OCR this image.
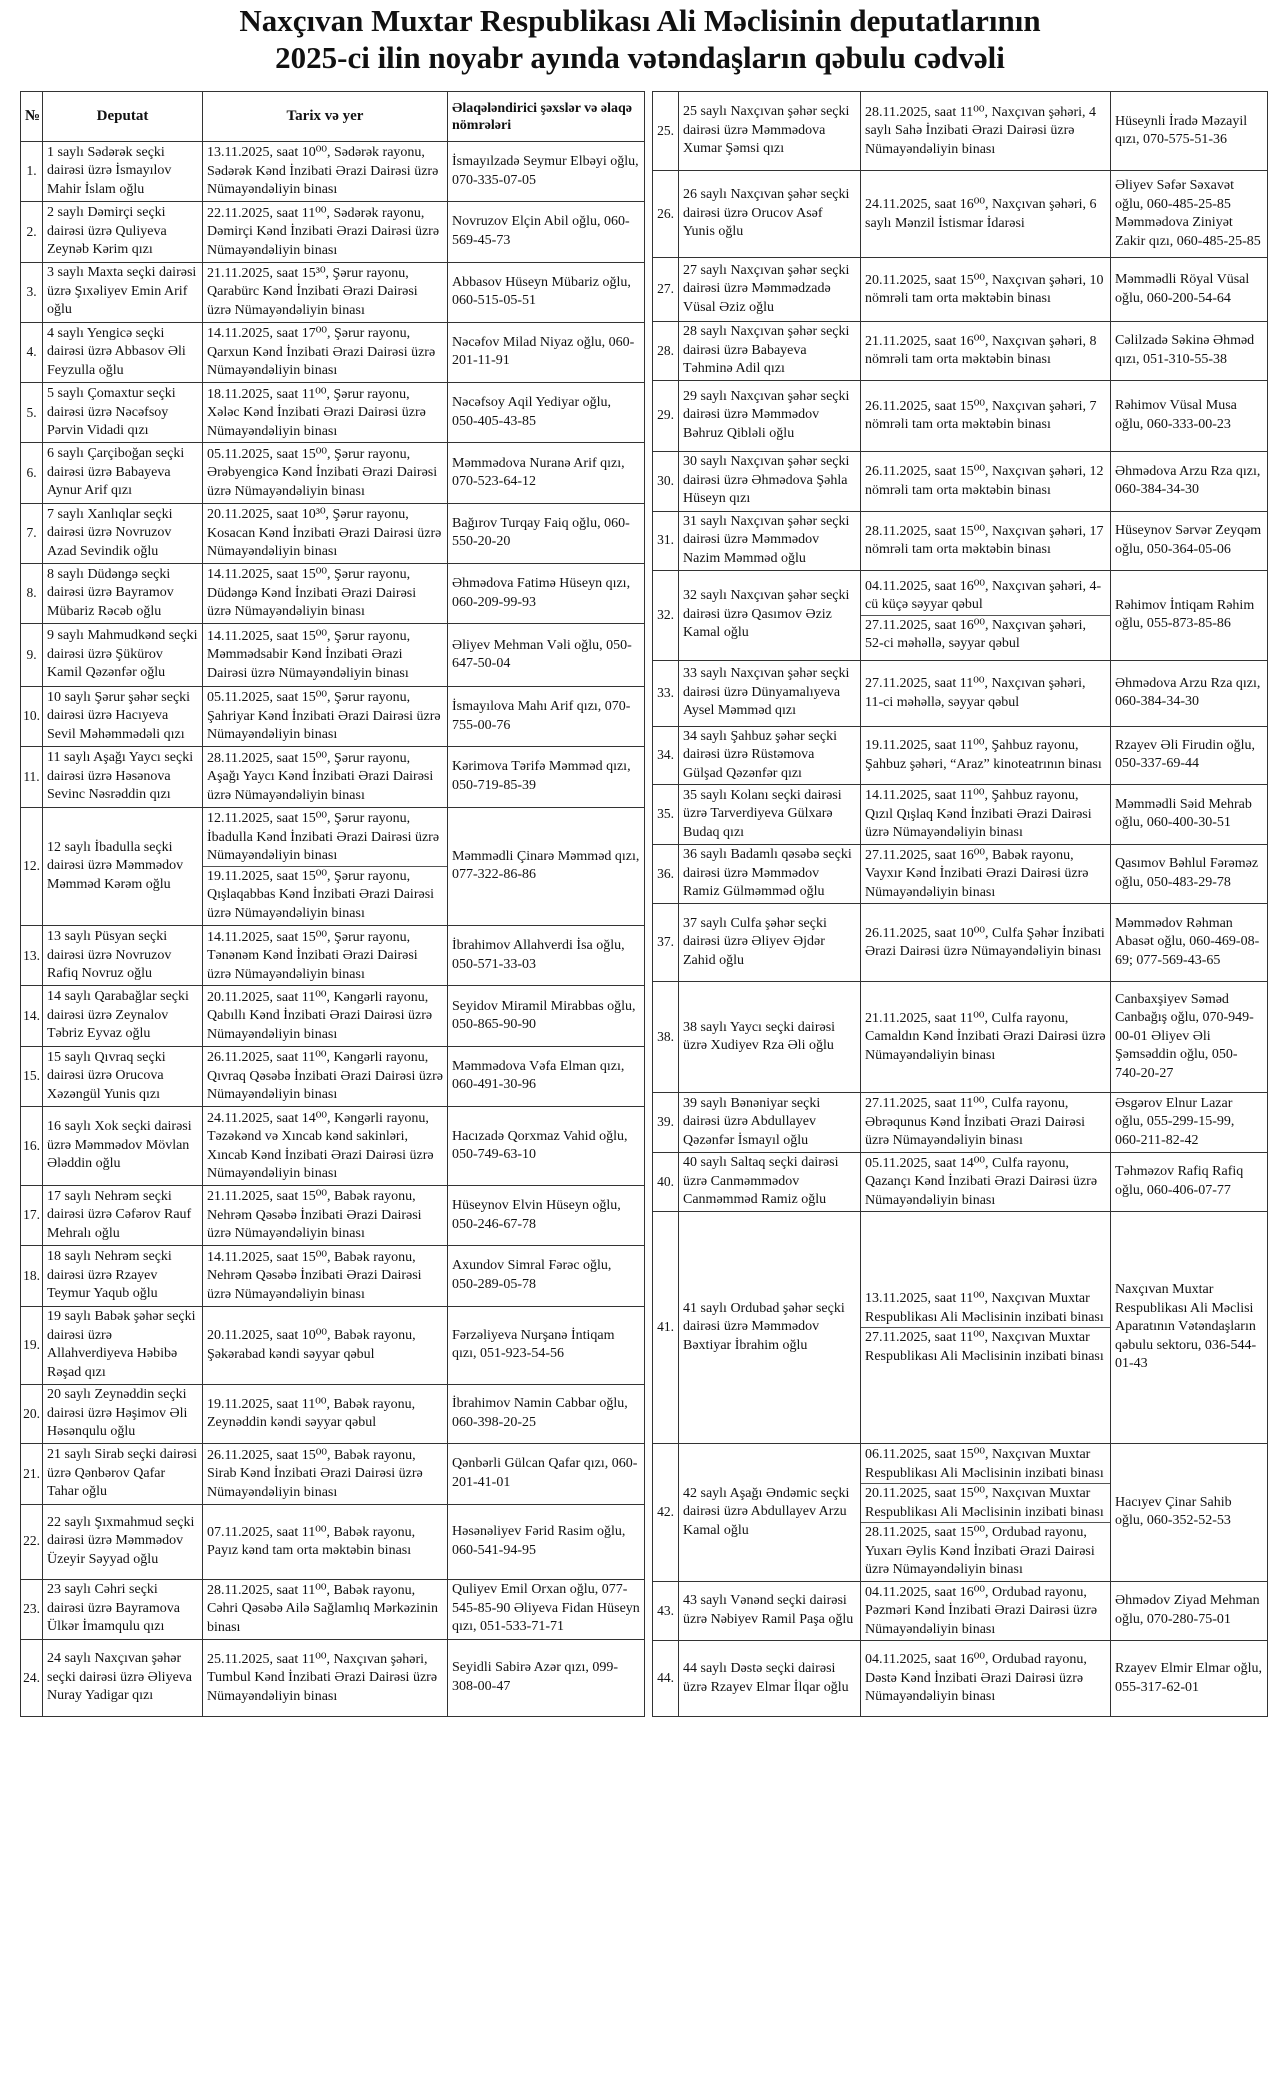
Naxçıvan Muxtar Respublikası Ali Məclisinin deputatlarının
2025-ci ilin noyabr ayında vətəndaşların qəbulu cədvəli
№	Deputat	Tarix və yer	Əlaqələndirici şəxslər və əlaqə nömrələri
1.	1 saylı Sədərək seçki dairəsi üzrə İsmayılov Mahir İslam oğlu	13.11.2025, saat 10⁰⁰, Sədərək rayonu, Sədərək Kənd İnzibati Ərazi Dairəsi üzrə Nümayəndəliyin binası	İsmayılzadə Seymur Elbəyi oğlu, 070-335-07-05
2.	2 saylı Dəmirçi seçki dairəsi üzrə Quliyeva Zeynəb Kərim qızı	22.11.2025, saat 11⁰⁰, Sədərək rayonu, Dəmirçi Kənd İnzibati Ərazi Dairəsi üzrə Nümayəndəliyin binası	Novruzov Elçin Abil oğlu, 060-569-45-73
3.	3 saylı Maxta seçki dairəsi üzrə Şıxəliyev Emin Arif oğlu	21.11.2025, saat 15³⁰, Şərur rayonu, Qarabürc Kənd İnzibati Ərazi Dairəsi üzrə Nümayəndəliyin binası	Abbasov Hüseyn Mübariz oğlu, 060-515-05-51
4.	4 saylı Yengicə seçki dairəsi üzrə Abbasov Əli Feyzulla oğlu	14.11.2025, saat 17⁰⁰, Şərur rayonu, Qarxun Kənd İnzibati Ərazi Dairəsi üzrə Nümayəndəliyin binası	Nəcəfov Milad Niyaz oğlu, 060-201-11-91
5.	5 saylı Çomaxtur seçki dairəsi üzrə Nəcəfsoy Pərvin Vidadi qızı	18.11.2025, saat 11⁰⁰, Şərur rayonu, Xələc Kənd İnzibati Ərazi Dairəsi üzrə Nümayəndəliyin binası	Nəcəfsoy Aqil Yediyar oğlu, 050-405-43-85
6.	6 saylı Çarçiboğan seçki dairəsi üzrə Babayeva Aynur Arif qızı	05.11.2025, saat 15⁰⁰, Şərur rayonu, Ərəbyengicə Kənd İnzibati Ərazi Dairəsi üzrə Nümayəndəliyin binası	Məmmədova Nuranə Arif qızı, 070-523-64-12
7.	7 saylı Xanlıqlar seçki dairəsi üzrə Novruzov Azad Sevindik oğlu	20.11.2025, saat 10³⁰, Şərur rayonu, Kosacan Kənd İnzibati Ərazi Dairəsi üzrə Nümayəndəliyin binası	Bağırov Turqay Faiq oğlu, 060-550-20-20
8.	8 saylı Düdəngə seçki dairəsi üzrə Bayramov Mübariz Rəcəb oğlu	14.11.2025, saat 15⁰⁰, Şərur rayonu, Düdəngə Kənd İnzibati Ərazi Dairəsi üzrə Nümayəndəliyin binası	Əhmədova Fatimə Hüseyn qızı, 060-209-99-93
9.	9 saylı Mahmudkənd seçki dairəsi üzrə Şükürov Kamil Qəzənfər oğlu	14.11.2025, saat 15⁰⁰, Şərur rayonu, Məmmədsabir Kənd İnzibati Ərazi Dairəsi üzrə Nümayəndəliyin binası	Əliyev Mehman Vəli oğlu, 050-647-50-04
10.	10 saylı Şərur şəhər seçki dairəsi üzrə Hacıyeva Sevil Məhəmmədəli qızı	05.11.2025, saat 15⁰⁰, Şərur rayonu, Şahriyar Kənd İnzibati Ərazi Dairəsi üzrə Nümayəndəliyin binası	İsmayılova Mahı Arif qızı, 070-755-00-76
11.	11 saylı Aşağı Yaycı seçki dairəsi üzrə Həsənova Sevinc Nəsrəddin qızı	28.11.2025, saat 15⁰⁰, Şərur rayonu, Aşağı Yaycı Kənd İnzibati Ərazi Dairəsi üzrə Nümayəndəliyin binası	Kərimova Tərifə Məmməd qızı, 050-719-85-39
12.	12 saylı İbadulla seçki dairəsi üzrə Məmmədov Məmməd Kərəm oğlu	12.11.2025, saat 15⁰⁰, Şərur rayonu, İbadulla Kənd İnzibati Ərazi Dairəsi üzrə Nümayəndəliyin binası
19.11.2025, saat 15⁰⁰, Şərur rayonu, Qışlaqabbas Kənd İnzibati Ərazi Dairəsi üzrə Nümayəndəliyin binası	Məmmədli Çinarə Məmməd qızı, 077-322-86-86
13.	13 saylı Püsyan seçki dairəsi üzrə Novruzov Rafiq Novruz oğlu	14.11.2025, saat 15⁰⁰, Şərur rayonu, Tənənəm Kənd İnzibati Ərazi Dairəsi üzrə Nümayəndəliyin binası	İbrahimov Allahverdi İsa oğlu, 050-571-33-03
14.	14 saylı Qarabağlar seçki dairəsi üzrə Zeynalov Təbriz Eyvaz oğlu	20.11.2025, saat 11⁰⁰, Kəngərli rayonu, Qabıllı Kənd İnzibati Ərazi Dairəsi üzrə Nümayəndəliyin binası	Seyidov Miramil Mirabbas oğlu, 050-865-90-90
15.	15 saylı Qıvraq seçki dairəsi üzrə Orucova Xəzəngül Yunis qızı	26.11.2025, saat 11⁰⁰, Kəngərli rayonu, Qıvraq Qəsəbə İnzibati Ərazi Dairəsi üzrə Nümayəndəliyin binası	Məmmədova Vəfa Elman qızı, 060-491-30-96
16.	16 saylı Xok seçki dairəsi üzrə Məmmədov Mövlan Ələddin oğlu	24.11.2025, saat 14⁰⁰, Kəngərli rayonu, Təzəkənd və Xıncab kənd sakinləri, Xıncab Kənd İnzibati Ərazi Dairəsi üzrə Nümayəndəliyin binası	Hacızadə Qorxmaz Vahid oğlu, 050-749-63-10
17.	17 saylı Nehrəm seçki dairəsi üzrə Cəfərov Rauf Mehralı oğlu	21.11.2025, saat 15⁰⁰, Babək rayonu, Nehrəm Qəsəbə İnzibati Ərazi Dairəsi üzrə Nümayəndəliyin binası	Hüseynov Elvin Hüseyn oğlu, 050-246-67-78
18.	18 saylı Nehrəm seçki dairəsi üzrə Rzayev Teymur Yaqub oğlu	14.11.2025, saat 15⁰⁰, Babək rayonu, Nehrəm Qəsəbə İnzibati Ərazi Dairəsi üzrə Nümayəndəliyin binası	Axundov Simral Fərəc oğlu, 050-289-05-78
19.	19 saylı Babək şəhər seçki dairəsi üzrə Allahverdiyeva Həbibə Rəşad qızı	20.11.2025, saat 10⁰⁰, Babək rayonu, Şəkərabad kəndi səyyar qəbul	Fərzəliyeva Nurşanə İntiqam qızı, 051-923-54-56
20.	20 saylı Zeynəddin seçki dairəsi üzrə Həşimov Əli Həsənqulu oğlu	19.11.2025, saat 11⁰⁰, Babək rayonu, Zeynəddin kəndi səyyar qəbul	İbrahimov Namin Cabbar oğlu, 060-398-20-25
21.	21 saylı Sirab seçki dairəsi üzrə Qənbərov Qafar Tahar oğlu	26.11.2025, saat 15⁰⁰, Babək rayonu, Sirab Kənd İnzibati Ərazi Dairəsi üzrə Nümayəndəliyin binası	Qənbərli Gülcan Qafar qızı, 060-201-41-01
22.	22 saylı Şıxmahmud seçki dairəsi üzrə Məmmədov Üzeyir Səyyad oğlu	07.11.2025, saat 11⁰⁰, Babək rayonu, Payız kənd tam orta məktəbin binası	Həsənəliyev Fərid Rasim oğlu, 060-541-94-95
23.	23 saylı Cəhri seçki dairəsi üzrə Bayramova Ülkər İmamqulu qızı	28.11.2025, saat 11⁰⁰, Babək rayonu, Cəhri Qəsəbə Ailə Sağlamlıq Mərkəzinin binası	Quliyev Emil Orxan oğlu, 077-545-85-90 Əliyeva Fidan Hüseyn qızı, 051-533-71-71
24.	24 saylı Naxçıvan şəhər seçki dairəsi üzrə Əliyeva Nuray Yadigar qızı	25.11.2025, saat 11⁰⁰, Naxçıvan şəhəri, Tumbul Kənd İnzibati Ərazi Dairəsi üzrə Nümayəndəliyin binası	Seyidli Sabirə Azər qızı, 099-308-00-47
25.	25 saylı Naxçıvan şəhər seçki dairəsi üzrə Məmmədova Xumar Şəmsi qızı	28.11.2025, saat 11⁰⁰, Naxçıvan şəhəri, 4 saylı Sahə İnzibati Ərazi Dairəsi üzrə Nümayəndəliyin binası	Hüseynli İradə Məzayil qızı, 070-575-51-36
26.	26 saylı Naxçıvan şəhər seçki dairəsi üzrə Orucov Asəf Yunis oğlu	24.11.2025, saat 16⁰⁰, Naxçıvan şəhəri, 6 saylı Mənzil İstismar İdarəsi	Əliyev Səfər Səxavət oğlu, 060-485-25-85 Məmmədova Ziniyət Zakir qızı, 060-485-25-85
27.	27 saylı Naxçıvan şəhər seçki dairəsi üzrə Məmmədzadə Vüsal Əziz oğlu	20.11.2025, saat 15⁰⁰, Naxçıvan şəhəri, 10 nömrəli tam orta məktəbin binası	Məmmədli Röyal Vüsal oğlu, 060-200-54-64
28.	28 saylı Naxçıvan şəhər seçki dairəsi üzrə Babayeva Təhminə Adil qızı	21.11.2025, saat 16⁰⁰, Naxçıvan şəhəri, 8 nömrəli tam orta məktəbin binası	Cəlilzadə Səkinə Əhməd qızı, 051-310-55-38
29.	29 saylı Naxçıvan şəhər seçki dairəsi üzrə Məmmədov Bəhruz Qibləli oğlu	26.11.2025, saat 15⁰⁰, Naxçıvan şəhəri, 7 nömrəli tam orta məktəbin binası	Rəhimov Vüsal Musa oğlu, 060-333-00-23
30.	30 saylı Naxçıvan şəhər seçki dairəsi üzrə Əhmədova Şəhla Hüseyn qızı	26.11.2025, saat 15⁰⁰, Naxçıvan şəhəri, 12 nömrəli tam orta məktəbin binası	Əhmədova Arzu Rza qızı, 060-384-34-30
31.	31 saylı Naxçıvan şəhər seçki dairəsi üzrə Məmmədov Nazim Məmməd oğlu	28.11.2025, saat 15⁰⁰, Naxçıvan şəhəri, 17 nömrəli tam orta məktəbin binası	Hüseynov Sərvər Zeyqəm oğlu, 050-364-05-06
32.	32 saylı Naxçıvan şəhər seçki dairəsi üzrə Qasımov Əziz Kamal oğlu	04.11.2025, saat 16⁰⁰, Naxçıvan şəhəri, 4-cü küçə səyyar qəbul
27.11.2025, saat 16⁰⁰, Naxçıvan şəhəri, 52-ci məhəllə, səyyar qəbul	Rəhimov İntiqam Rəhim oğlu, 055-873-85-86
33.	33 saylı Naxçıvan şəhər seçki dairəsi üzrə Dünyamalıyeva Aysel Məmməd qızı	27.11.2025, saat 11⁰⁰, Naxçıvan şəhəri, 11-ci məhəllə, səyyar qəbul	Əhmədova Arzu Rza qızı, 060-384-34-30
34.	34 saylı Şahbuz şəhər seçki dairəsi üzrə Rüstəmova Gülşad Qəzənfər qızı	19.11.2025, saat 11⁰⁰, Şahbuz rayonu, Şahbuz şəhəri, “Araz” kinoteatrının binası	Rzayev Əli Firudin oğlu, 050-337-69-44
35.	35 saylı Kolanı seçki dairəsi üzrə Tarverdiyeva Gülxarə Budaq qızı	14.11.2025, saat 11⁰⁰, Şahbuz rayonu, Qızıl Qışlaq Kənd İnzibati Ərazi Dairəsi üzrə Nümayəndəliyin binası	Məmmədli Səid Mehrab oğlu, 060-400-30-51
36.	36 saylı Badamlı qəsəbə seçki dairəsi üzrə Məmmədov Ramiz Gülməmməd oğlu	27.11.2025, saat 16⁰⁰, Babək rayonu, Vayxır Kənd İnzibati Ərazi Dairəsi üzrə Nümayəndəliyin binası	Qasımov Bəhlul Fərəməz oğlu, 050-483-29-78
37.	37 saylı Culfa şəhər seçki dairəsi üzrə Əliyev Əjdər Zahid oğlu	26.11.2025, saat 10⁰⁰, Culfa Şəhər İnzibati Ərazi Dairəsi üzrə Nümayəndəliyin binası	Məmmədov Rəhman Abasət oğlu, 060-469-08-69; 077-569-43-65
38.	38 saylı Yaycı seçki dairəsi üzrə Xudiyev Rza Əli oğlu	21.11.2025, saat 11⁰⁰, Culfa rayonu, Camaldın Kənd İnzibati Ərazi Dairəsi üzrə Nümayəndəliyin binası	Canbaxşiyev Səməd Canbağış oğlu, 070-949-00-01 Əliyev Əli Şəmsəddin oğlu, 050-740-20-27
39.	39 saylı Bənəniyar seçki dairəsi üzrə Abdullayev Qəzənfər İsmayıl oğlu	27.11.2025, saat 11⁰⁰, Culfa rayonu, Əbrəqunus Kənd İnzibati Ərazi Dairəsi üzrə Nümayəndəliyin binası	Əsgərov Elnur Lazar oğlu, 055-299-15-99, 060-211-82-42
40.	40 saylı Saltaq seçki dairəsi üzrə Canməmmədov Canməmməd Ramiz oğlu	05.11.2025, saat 14⁰⁰, Culfa rayonu, Qazançı Kənd İnzibati Ərazi Dairəsi üzrə Nümayəndəliyin binası	Təhməzov Rafiq Rafiq oğlu, 060-406-07-77
41.	41 saylı Ordubad şəhər seçki dairəsi üzrə Məmmədov Bəxtiyar İbrahim oğlu	13.11.2025, saat 11⁰⁰, Naxçıvan Muxtar Respublikası Ali Məclisinin inzibati binası
27.11.2025, saat 11⁰⁰, Naxçıvan Muxtar Respublikası Ali Məclisinin inzibati binası	Naxçıvan Muxtar Respublikası Ali Məclisi Aparatının Vətəndaşların qəbulu sektoru, 036-544-01-43
42.	42 saylı Aşağı Əndəmic seçki dairəsi üzrə Abdullayev Arzu Kamal oğlu	06.11.2025, saat 15⁰⁰, Naxçıvan Muxtar Respublikası Ali Məclisinin inzibati binası
20.11.2025, saat 15⁰⁰, Naxçıvan Muxtar Respublikası Ali Məclisinin inzibati binası
28.11.2025, saat 15⁰⁰, Ordubad rayonu, Yuxarı Əylis Kənd İnzibati Ərazi Dairəsi üzrə Nümayəndəliyin binası	Hacıyev Çinar Sahib oğlu, 060-352-52-53
43.	43 saylı Vənənd seçki dairəsi üzrə Nəbiyev Ramil Paşa oğlu	04.11.2025, saat 16⁰⁰, Ordubad rayonu, Pəzməri Kənd İnzibati Ərazi Dairəsi üzrə Nümayəndəliyin binası	Əhmədov Ziyad Mehman oğlu, 070-280-75-01
44.	44 saylı Dəstə seçki dairəsi üzrə Rzayev Elmar İlqar oğlu	04.11.2025, saat 16⁰⁰, Ordubad rayonu, Dəstə Kənd İnzibati Ərazi Dairəsi üzrə Nümayəndəliyin binası	Rzayev Elmir Elmar oğlu, 055-317-62-01
